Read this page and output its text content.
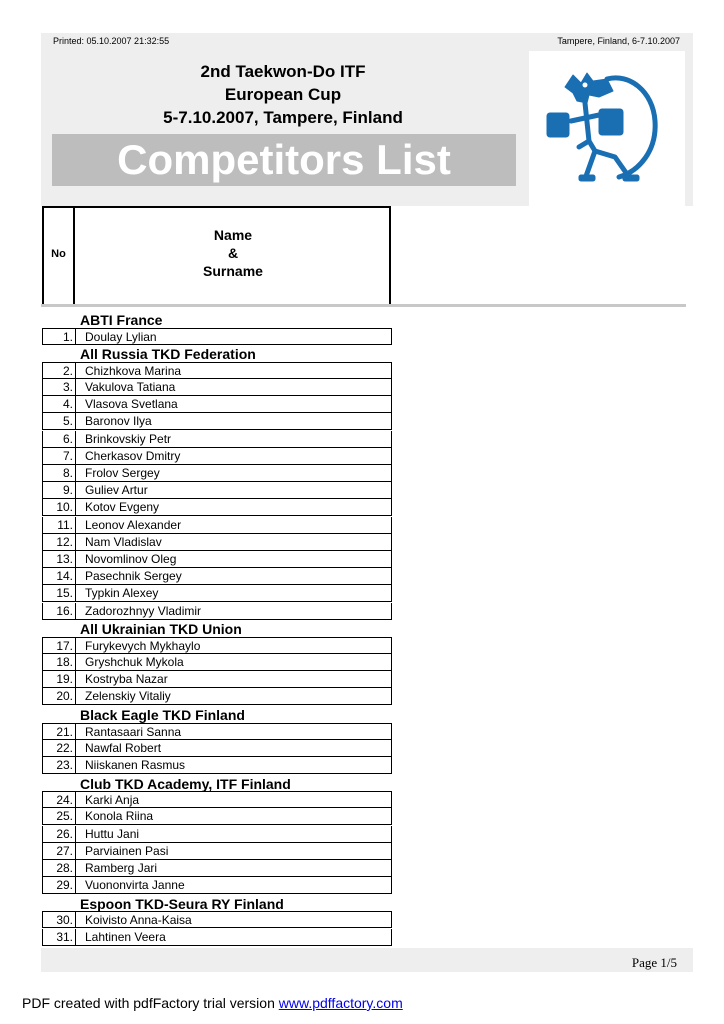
Printed: 05.10.2007 21:32:55	Tampere, Finland, 6-7.10.2007
2nd Taekwon-Do ITF
European Cup
5-7.10.2007, Tampere, Finland
Competitors List
No
Name
&
Surname
ABTI France
1. Doulay Lylian
All Russia TKD Federation
2. Chizhkova Marina
3. Vakulova Tatiana
4. Vlasova Svetlana
5. Baronov Ilya
6. Brinkovskiy Petr
7. Cherkasov Dmitry
8. Frolov Sergey
9. Guliev Artur
10. Kotov Evgeny
11. Leonov Alexander
12. Nam Vladislav
13. Novomlinov Oleg
14. Pasechnik Sergey
15. Typkin Alexey
16. Zadorozhnyy Vladimir
All Ukrainian TKD Union
17. Furykevych Mykhaylo
18. Gryshchuk Mykola
19. Kostryba Nazar
20. Zelenskiy Vitaliy
Black Eagle TKD Finland
21. Rantasaari Sanna
22. Nawfal Robert
23. Niiskanen Rasmus
Club TKD Academy, ITF Finland
24. Karki Anja
25. Konola Riina
26. Huttu Jani
27. Parviainen Pasi
28. Ramberg Jari
29. Vuononvirta Janne
Espoon TKD-Seura RY Finland
30. Koivisto Anna-Kaisa
31. Lahtinen Veera
Page 1/5
PDF created with pdfFactory trial version www.pdffactory.com
